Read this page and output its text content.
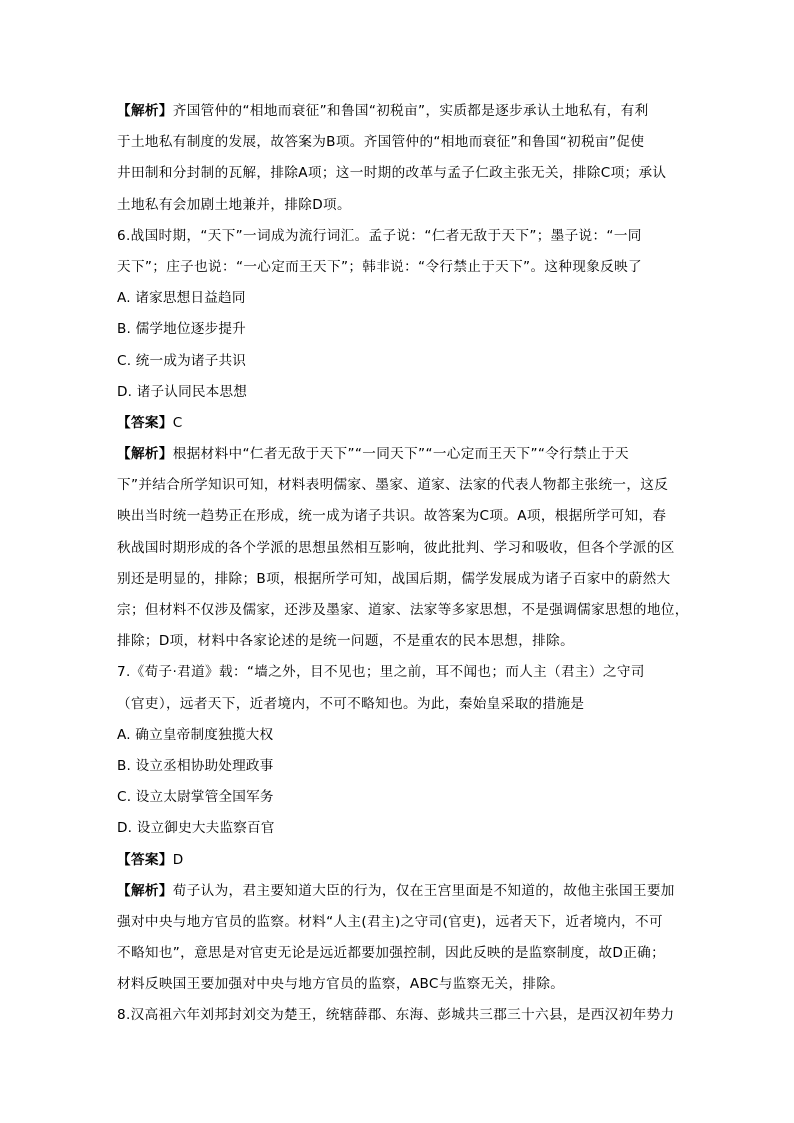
【解析】齐国管仲的“相地而衰征”和鲁国“初税亩”，实质都是逐步承认土地私有，有利
于土地私有制度的发展，故答案为B项。齐国管仲的“相地而衰征”和鲁国“初税亩”促使
井田制和分封制的瓦解，排除A项；这一时期的改革与孟子仁政主张无关，排除C项；承认
土地私有会加剧土地兼并，排除D项。
6.战国时期，“天下”一词成为流行词汇。孟子说：“仁者无敌于天下”；墨子说：“一同
天下”；庄子也说：“一心定而王天下”；韩非说：“令行禁止于天下”。这种现象反映了
A. 诸家思想日益趋同
B. 儒学地位逐步提升
C. 统一成为诸子共识
D. 诸子认同民本思想
【答案】C
【解析】根据材料中“仁者无敌于天下”“一同天下”“一心定而王天下”“令行禁止于天
下”并结合所学知识可知，材料表明儒家、墨家、道家、法家的代表人物都主张统一，这反
映出当时统一趋势正在形成，统一成为诸子共识。故答案为C项。A项，根据所学可知，春
秋战国时期形成的各个学派的思想虽然相互影响，彼此批判、学习和吸收，但各个学派的区
别还是明显的，排除；B项，根据所学可知，战国后期，儒学发展成为诸子百家中的蔚然大
宗；但材料不仅涉及儒家，还涉及墨家、道家、法家等多家思想，不是强调儒家思想的地位，
排除；D项，材料中各家论述的是统一问题，不是重农的民本思想，排除。
7.《荀子·君道》载：“墙之外，目不见也；里之前，耳不闻也；而人主（君主）之守司
（官吏），远者天下，近者境内，不可不略知也。为此，秦始皇采取的措施是
A. 确立皇帝制度独揽大权
B. 设立丞相协助处理政事
C. 设立太尉掌管全国军务
D. 设立御史大夫监察百官
【答案】D
【解析】荀子认为，君主要知道大臣的行为，仅在王宫里面是不知道的，故他主张国王要加
强对中央与地方官员的监察。材料“人主(君主)之守司(官吏)，远者天下，近者境内，不可
不略知也”，意思是对官吏无论是远近都要加强控制，因此反映的是监察制度，故D正确；
材料反映国王要加强对中央与地方官员的监察，ABC与监察无关，排除。
8.汉高祖六年刘邦封刘交为楚王，统辖薛郡、东海、彭城共三郡三十六县，是西汉初年势力
